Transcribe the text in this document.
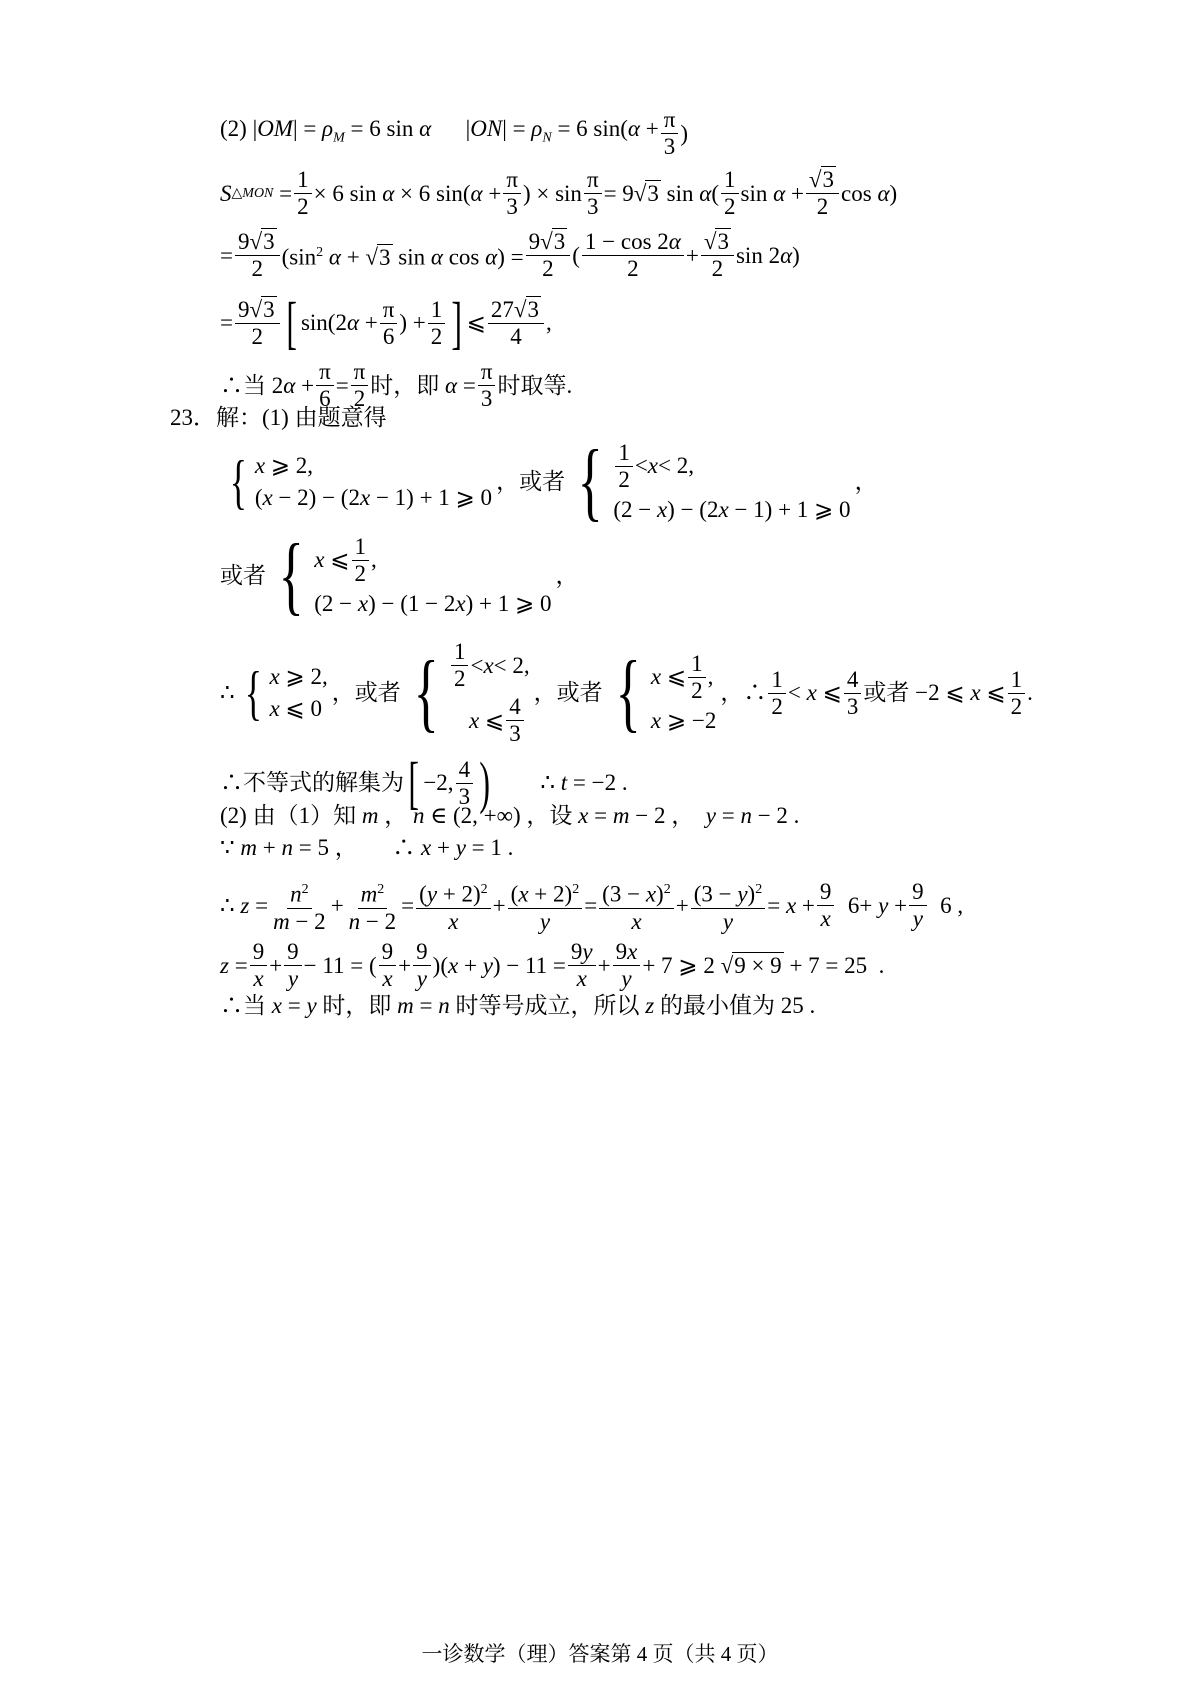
(2) $|OM| = \rho_M = 6$ sin α      $|ON| = \rho_N = 6$ $\sin(\alpha + \frac{\pi}{3}$ )
S △MON = $\frac{1}{2} \times 6$ sin α × 6 $\sin(\alpha + \frac{\pi}{3}$ ) × $\sin \frac{\pi}{3} = 9√3$ $\sin \alpha( \frac{1}{2}$ $\sin \alpha + \frac{√3}{2}$ cos α)
= $\frac{9√3}{2} (\sin^2$ α + √3 sin α $\cos \alpha) = \frac{9√3}{2}$ ( $\frac{1 - \cos 2\alpha}{2} + \frac{√3}{2}$ sin 2α)
= $\frac{9√3}{2}$ [ $\sin(2\alpha + \frac{\pi}{6}$ ) + $\frac{1}{2}$ ] ⩽ $\frac{27√3}{4}$ ,
∴当 $2\alpha + \frac{\pi}{6} = \frac{\pi}{2}$ 时，即 $\alpha = \frac{\pi}{3}$ 时取等.
23．解：(1) 由题意得
{ x ⩾ 2,
(x − 2) − (2x − 1) + 1 ⩾ 0
，或者 { $\frac{1}{2} < x < 2$,
(2 − x) − (2x − 1) + 1 ⩾ 0
，
或者 { x ⩽ $\frac{1}{2}$ ,
(2 − x) − (1 − 2x) + 1 ⩾ 0
，
∴ { x ⩾ 2,
x ⩽ 0
，或者 { $\frac{1}{2} < x < 2$,
x ⩽ $\frac{4}{3}$
，或者 { x ⩽ $\frac{1}{2}$ ,
x ⩾ −2
，∴ $\frac{1}{2} < x$ ⩽ $\frac{4}{3}$ 或者 −2 ⩽ x ⩽ $\frac{1}{2}$ .
∴不等式的解集为 [ −2, $\frac{4}{3}$ ) ∴ t = −2 .
(2) 由（1）知 m ， n ∈ (2, +∞) ，设 x = m − 2 ，  y = n − 2 .
∵ m + n = 5 ，      ∴ x + y = 1 .
∴ $z = \frac{n^2}{m - 2} + \frac{m^2}{n - 2} = \frac{(y + 2)^2}{x} + \frac{(x + 2)^2}{y} = \frac{(3 - x)^2}{x} + \frac{(3 - y)^2}{y} = x + \frac{9}{x} 6+ y + \frac{9}{y} 6$ ,
$z = \frac{9}{x} + \frac{9}{y} - 11$ = ( $\frac{9}{x} + \frac{9}{y} )(x + y) - 11 = \frac{9y}{x} + \frac{9x}{y} + 7$ ⩾ 2 √9 × 9 + 7 = 25  .
∴当 x = y 时，即 m = n 时等号成立，所以 z 的最小值为 25 .
一诊数学（理）答案第 4 页（共 4 页）
